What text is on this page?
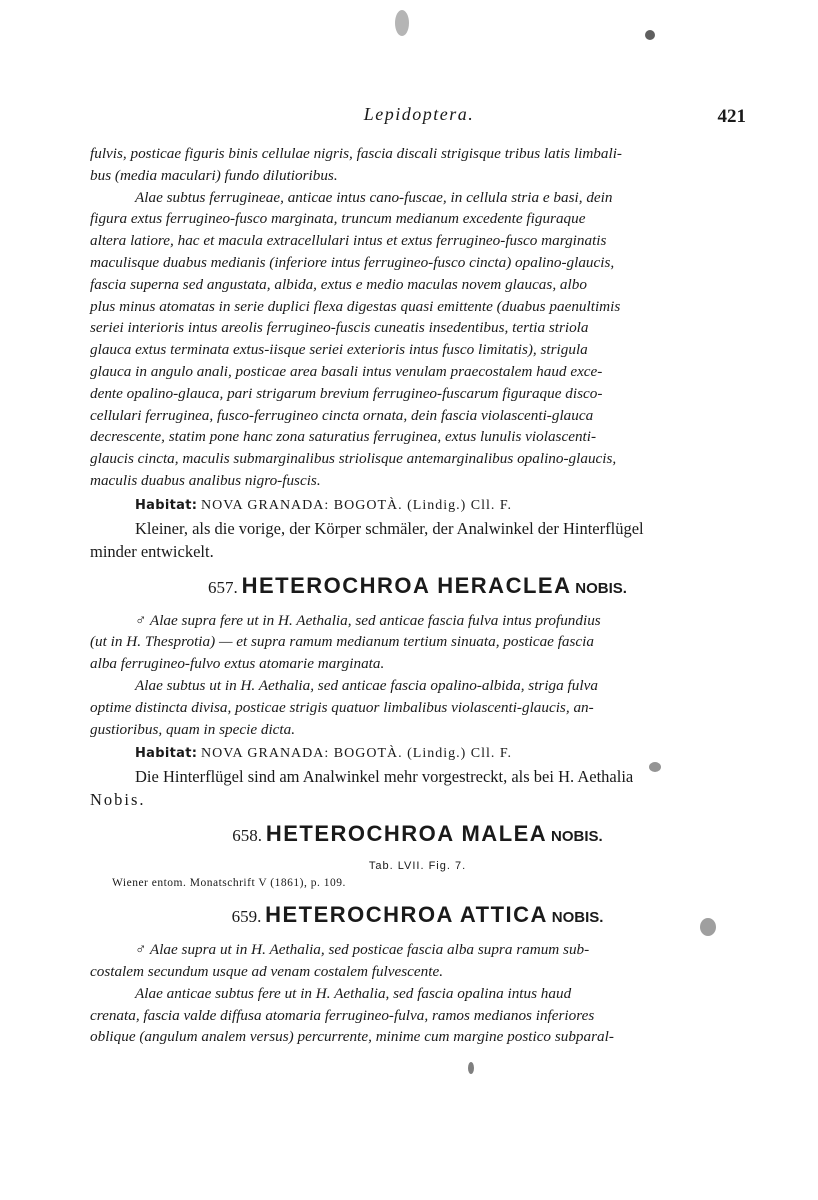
Lepidoptera.	421
fulvis, posticae figuris binis cellulae nigris, fascia discali strigisque tribus latis limbali-
bus (media maculari) fundo dilutioribus.
Alae subtus ferrugineae, anticae intus cano-fuscae, in cellula stria e basi, dein
figura extus ferrugineo-fusco marginata, truncum medianum excedente figuraque
altera latiore, hac et macula extracellulari intus et extus ferrugineo-fusco marginatis
maculisque duabus medianis (inferiore intus ferrugineo-fusco cincta) opalino-glaucis,
fascia superna sed angustata, albida, extus e medio maculas novem glaucas, albo
plus minus atomatas in serie duplici flexa digestas quasi emittente (duabus paenultimis
seriei interioris intus areolis ferrugineo-fuscis cuneatis insedentibus, tertia striola
glauca extus terminata extus-iisque seriei exterioris intus fusco limitatis), strigula
glauca in angulo anali, posticae area basali intus venulam praecostalem haud exce-
dente opalino-glauca, pari strigarum brevium ferrugineo-fuscarum figuraque disco-
cellulari ferruginea, fusco-ferrugineo cincta ornata, dein fascia violascenti-glauca
decrescente, statim pone hanc zona saturatius ferruginea, extus lunulis violascenti-
glaucis cincta, maculis submarginalibus striolisque antemarginalibus opalino-glaucis,
maculis duabus analibus nigro-fuscis.
Habitat: NOVA GRANADA: BOGOTÀ. (Lindig.) Cll. F.
Kleiner, als die vorige, der Körper schmäler, der Analwinkel der Hinterflügel
minder entwickelt.
657. HETEROCHROA HERACLEA NOBIS.
♂ Alae supra fere ut in H. Aethalia, sed anticae fascia fulva intus profundius
(ut in H. Thesprotia) — et supra ramum medianum tertium sinuata, posticae fascia
alba ferrugineo-fulvo extus atomarie marginata.
Alae subtus ut in H. Aethalia, sed anticae fascia opalino-albida, striga fulva
optime distincta divisa, posticae strigis quatuor limbalibus violascenti-glaucis, an-
gustioribus, quam in specie dicta.
Habitat: NOVA GRANADA: BOGOTÀ. (Lindig.) Cll. F.
Die Hinterflügel sind am Analwinkel mehr vorgestreckt, als bei H. Aethalia
Nobis.
658. HETEROCHROA MALEA NOBIS.
Tab. LVII. Fig. 7.
Wiener entom. Monatschrift V (1861), p. 109.
659. HETEROCHROA ATTICA NOBIS.
♂ Alae supra ut in H. Aethalia, sed posticae fascia alba supra ramum sub-
costalem secundum usque ad venam costalem fulvescente.
Alae anticae subtus fere ut in H. Aethalia, sed fascia opalina intus haud
crenata, fascia valde diffusa atomaria ferrugineo-fulva, ramos medianos inferiores
oblique (angulum analem versus) percurrente, minime cum margine postico subparal-
